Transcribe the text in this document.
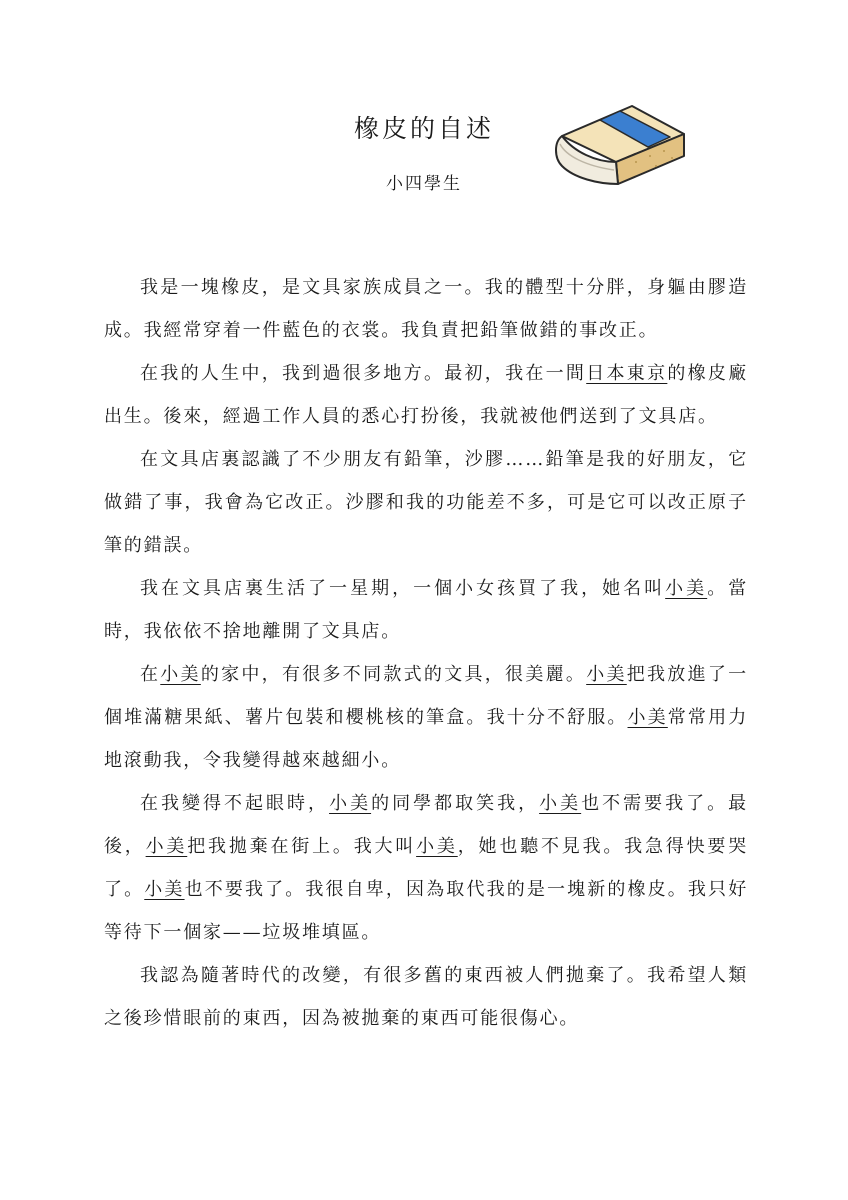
橡皮的自述
小四學生

我是一塊橡皮，是文具家族成員之一。我的體型十分胖，身軀由膠造成。我經常穿着一件藍色的衣裳。我負責把鉛筆做錯的事改正。

在我的人生中，我到過很多地方。最初，我在一間日本東京的橡皮廠出生。後來，經過工作人員的悉心打扮後，我就被他們送到了文具店。

在文具店裏認識了不少朋友有鉛筆，沙膠……鉛筆是我的好朋友，它做錯了事，我會為它改正。沙膠和我的功能差不多，可是它可以改正原子筆的錯誤。

我在文具店裏生活了一星期，一個小女孩買了我，她名叫小美。當時，我依依不捨地離開了文具店。

在小美的家中，有很多不同款式的文具，很美麗。小美把我放進了一個堆滿糖果紙、薯片包裝和櫻桃核的筆盒。我十分不舒服。小美常常用力地滾動我，令我變得越來越細小。

在我變得不起眼時，小美的同學都取笑我，小美也不需要我了。最後，小美把我拋棄在街上。我大叫小美，她也聽不見我。我急得快要哭了。小美也不要我了。我很自卑，因為取代我的是一塊新的橡皮。我只好等待下一個家——垃圾堆填區。

我認為隨著時代的改變，有很多舊的東西被人們拋棄了。我希望人類之後珍惜眼前的東西，因為被拋棄的東西可能很傷心。
